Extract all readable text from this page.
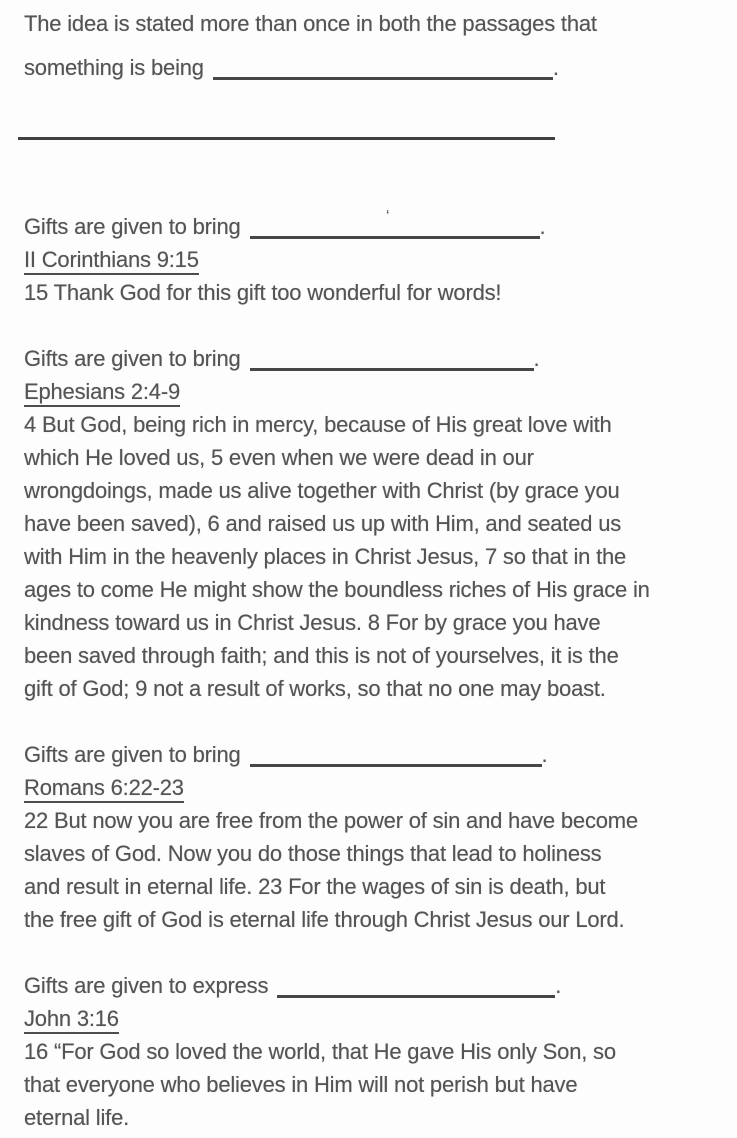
‘
The idea is stated more than once in both the passages that
something is being	.
Gifts are given to bring	.
II Corinthians 9:15
15 Thank God for this gift too wonderful for words!
Gifts are given to bring	.
Ephesians 2:4-9
4 But God, being rich in mercy, because of His great love with
which He loved us, 5 even when we were dead in our
wrongdoings, made us alive together with Christ (by grace you
have been saved), 6 and raised us up with Him, and seated us
with Him in the heavenly places in Christ Jesus, 7 so that in the
ages to come He might show the boundless riches of His grace in
kindness toward us in Christ Jesus. 8 For by grace you have
been saved through faith; and this is not of yourselves, it is the
gift of God; 9 not a result of works, so that no one may boast.
Gifts are given to bring	.
Romans 6:22-23
22 But now you are free from the power of sin and have become
slaves of God. Now you do those things that lead to holiness
and result in eternal life. 23 For the wages of sin is death, but
the free gift of God is eternal life through Christ Jesus our Lord.
Gifts are given to express	.
John 3:16
16 “For God so loved the world, that He gave His only Son, so
that everyone who believes in Him will not perish but have
eternal life.
